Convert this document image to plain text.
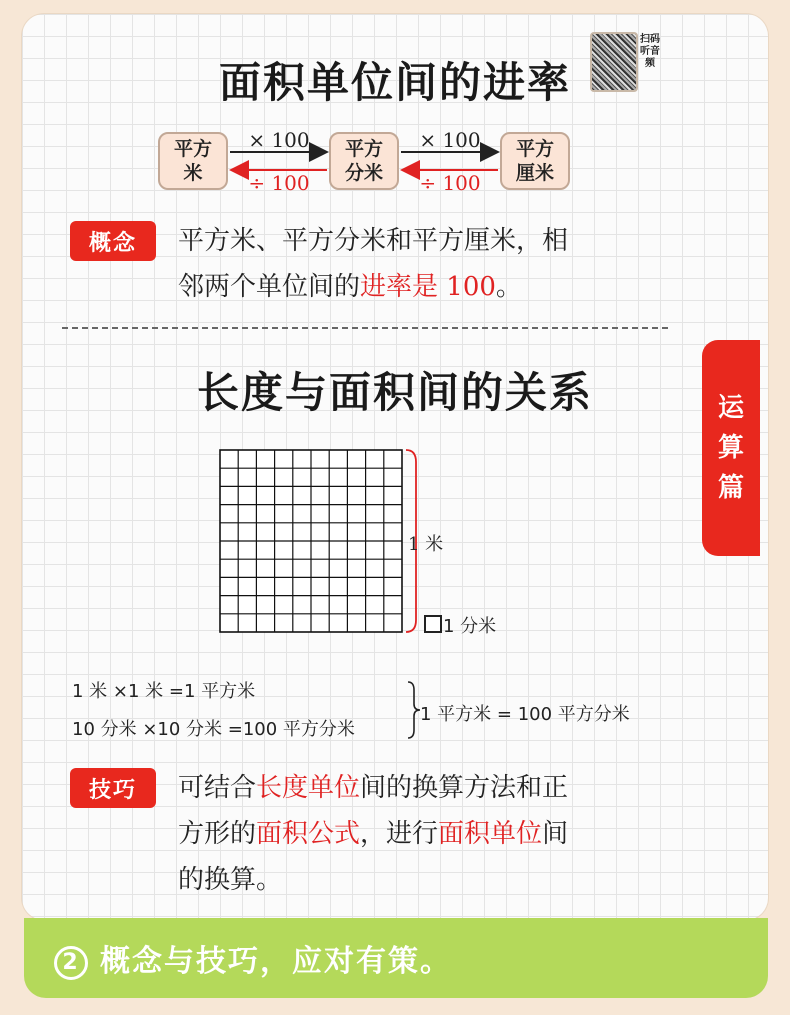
面积单位间的进率
扫码听音频
平方
米
平方
分米
平方
厘米
× 100
÷ 100
× 100
÷ 100
概念	平方米、平方分米和平方厘米，相
邻两个单位间的进率是 100。
运
算
篇
长度与面积间的关系
1 米
1 分米
1 米 ×1 米 =1 平方米
10 分米 ×10 分米 =100 平方分米
1 平方米 = 100 平方分米
技巧	可结合长度单位间的换算方法和正
方形的面积公式，进行面积单位间
的换算。
2 概念与技巧，应对有策。
